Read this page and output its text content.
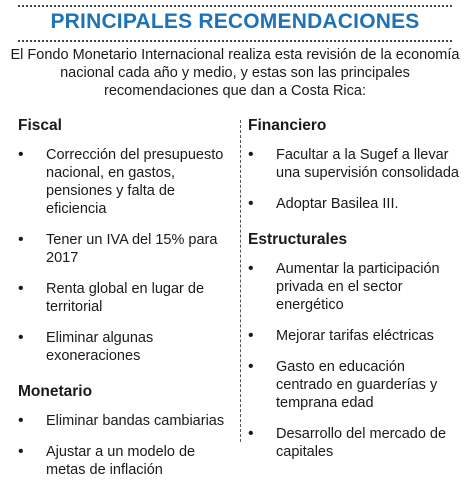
PRINCIPALES RECOMENDACIONES
El Fondo Monetario Internacional realiza esta revisión de la economía nacional cada año y medio, y estas son las principales recomendaciones que dan a Costa Rica:
Fiscal
•	Corrección del presupuesto nacional, en gastos, pensiones y falta de eficiencia
•	Tener un IVA del 15% para 2017
•	Renta global en lugar de territorial
•	Eliminar algunas exoneraciones
Monetario
•	Eliminar bandas cambiarias
•	Ajustar a un modelo de metas de inflación
Financiero
•	Facultar a la Sugef a llevar una supervisión consolidada
•	Adoptar Basilea III.
Estructurales
•	Aumentar la participación privada en el sector energético
•	Mejorar tarifas eléctricas
•	Gasto en educación centrado en guarderías y temprana edad
•	Desarrollo del mercado de capitales
